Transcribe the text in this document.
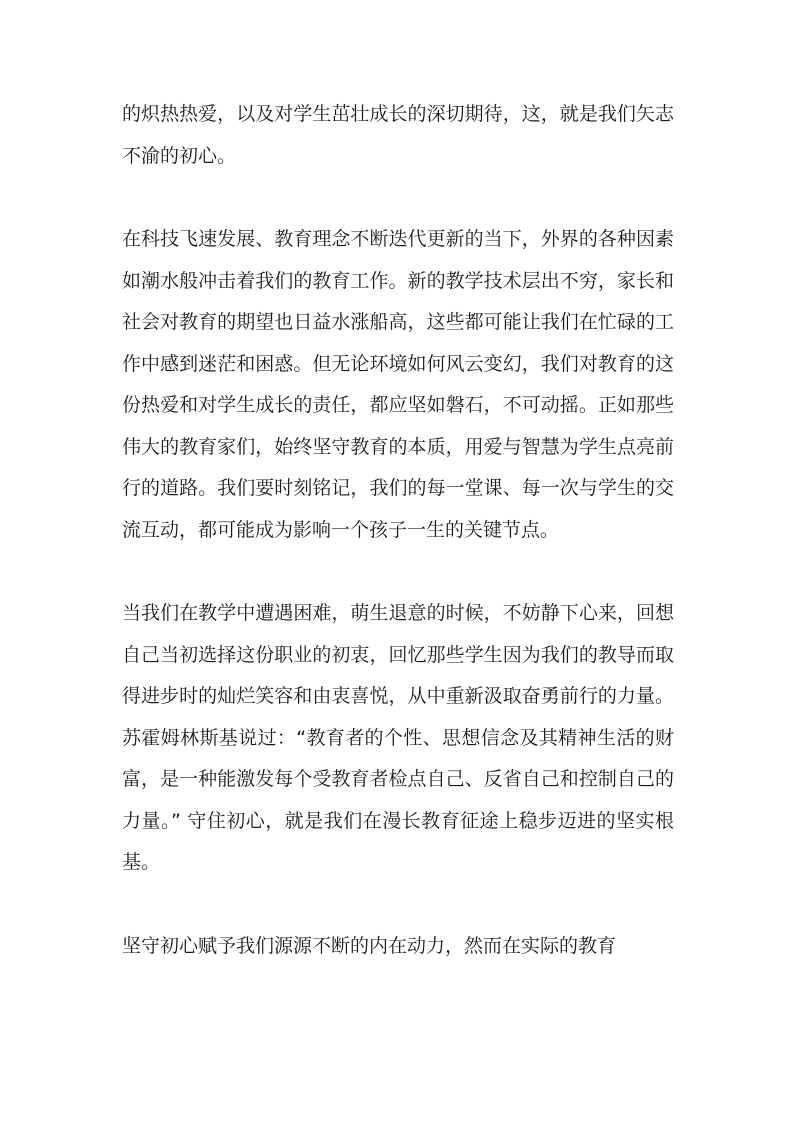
的炽热热爱，以及对学生茁壮成长的深切期待，这，就是我们矢志不渝的初心。

在科技飞速发展、教育理念不断迭代更新的当下，外界的各种因素如潮水般冲击着我们的教育工作。新的教学技术层出不穷，家长和社会对教育的期望也日益水涨船高，这些都可能让我们在忙碌的工作中感到迷茫和困惑。但无论环境如何风云变幻，我们对教育的这份热爱和对学生成长的责任，都应坚如磐石，不可动摇。正如那些伟大的教育家们，始终坚守教育的本质，用爱与智慧为学生点亮前行的道路。我们要时刻铭记，我们的每一堂课、每一次与学生的交流互动，都可能成为影响一个孩子一生的关键节点。

当我们在教学中遭遇困难，萌生退意的时候，不妨静下心来，回想自己当初选择这份职业的初衷，回忆那些学生因为我们的教导而取得进步时的灿烂笑容和由衷喜悦，从中重新汲取奋勇前行的力量。苏霍姆林斯基说过：“教育者的个性、思想信念及其精神生活的财富，是一种能激发每个受教育者检点自己、反省自己和控制自己的力量。” 守住初心，就是我们在漫长教育征途上稳步迈进的坚实根基。

坚守初心赋予我们源源不断的内在动力，然而在实际的教育
